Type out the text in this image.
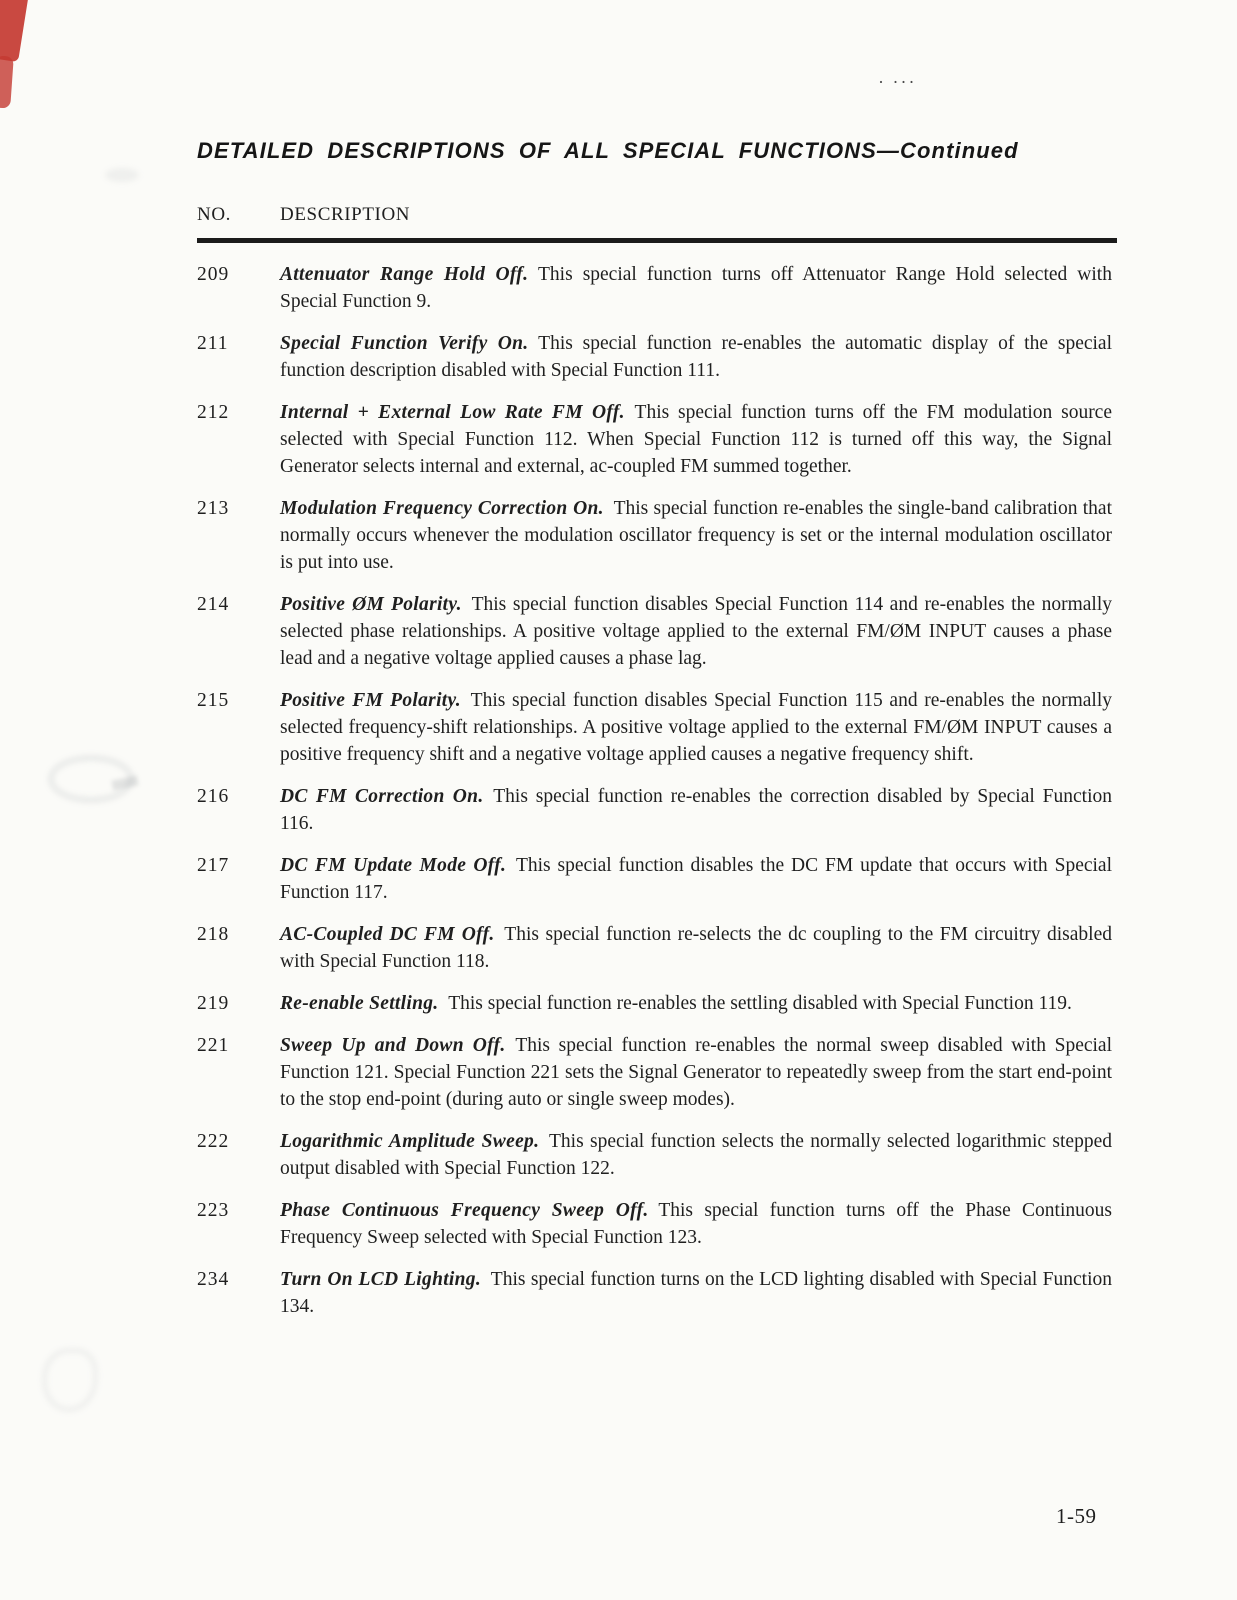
· ···
DETAILED DESCRIPTIONS OF ALL SPECIAL FUNCTIONS—Continued
NO.	DESCRIPTION
209	Attenuator Range Hold Off. This special function turns off Attenuator Range Hold selected with Special Function 9.
211	Special Function Verify On. This special function re-enables the automatic display of the special function description disabled with Special Function 111.
212	Internal + External Low Rate FM Off. This special function turns off the FM modulation source selected with Special Function 112. When Special Function 112 is turned off this way, the Signal Generator selects internal and external, ac-coupled FM summed together.
213	Modulation Frequency Correction On. This special function re-enables the single-band calibration that normally occurs whenever the modulation oscillator frequency is set or the internal modulation oscillator is put into use.
214	Positive ØM Polarity. This special function disables Special Function 114 and re-enables the normally selected phase relationships. A positive voltage applied to the external FM/ØM INPUT causes a phase lead and a negative voltage applied causes a phase lag.
215	Positive FM Polarity. This special function disables Special Function 115 and re-enables the normally selected frequency-shift relationships. A positive voltage applied to the external FM/ØM INPUT causes a positive frequency shift and a negative voltage applied causes a negative frequency shift.
216	DC FM Correction On. This special function re-enables the correction disabled by Special Function 116.
217	DC FM Update Mode Off. This special function disables the DC FM update that occurs with Special Function 117.
218	AC-Coupled DC FM Off. This special function re-selects the dc coupling to the FM circuitry disabled with Special Function 118.
219	Re-enable Settling. This special function re-enables the settling disabled with Special Function 119.
221	Sweep Up and Down Off. This special function re-enables the normal sweep disabled with Special Function 121. Special Function 221 sets the Signal Generator to repeatedly sweep from the start end-point to the stop end-point (during auto or single sweep modes).
222	Logarithmic Amplitude Sweep. This special function selects the normally selected logarithmic stepped output disabled with Special Function 122.
223	Phase Continuous Frequency Sweep Off. This special function turns off the Phase Continuous Frequency Sweep selected with Special Function 123.
234	Turn On LCD Lighting. This special function turns on the LCD lighting disabled with Special Function 134.
1-59
